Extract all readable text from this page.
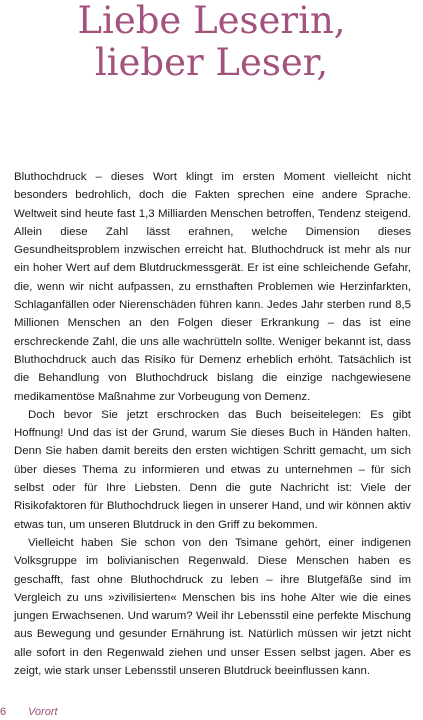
Liebe Leserin,
lieber Leser,

Bluthochdruck – dieses Wort klingt im ersten Moment vielleicht nicht besonders bedrohlich, doch die Fakten sprechen eine andere Sprache. Weltweit sind heute fast 1,3 Milliarden Menschen betroffen, Tendenz steigend. Allein diese Zahl lässt erahnen, welche Dimension dieses Gesundheitsproblem inzwischen erreicht hat. Bluthochdruck ist mehr als nur ein hoher Wert auf dem Blutdruckmessgerät. Er ist eine schleichende Gefahr, die, wenn wir nicht aufpassen, zu ernsthaften Problemen wie Herzinfarkten, Schlaganfällen oder Nierenschäden führen kann. Jedes Jahr sterben rund 8,5 Millionen Menschen an den Folgen dieser Erkrankung – das ist eine erschreckende Zahl, die uns alle wachrütteln sollte. Weniger bekannt ist, dass Bluthochdruck auch das Risiko für Demenz erheblich erhöht. Tatsächlich ist die Behandlung von Bluthochdruck bislang die einzige nachgewiesene medikamentöse Maßnahme zur Vorbeugung von Demenz.

Doch bevor Sie jetzt erschrocken das Buch beiseitelegen: Es gibt Hoffnung! Und das ist der Grund, warum Sie dieses Buch in Händen halten. Denn Sie haben damit bereits den ersten wichtigen Schritt gemacht, um sich über dieses Thema zu informieren und etwas zu unternehmen – für sich selbst oder für Ihre Liebsten. Denn die gute Nachricht ist: Viele der Risikofaktoren für Bluthochdruck liegen in unserer Hand, und wir können aktiv etwas tun, um unseren Blutdruck in den Griff zu bekommen.

Vielleicht haben Sie schon von den Tsimane gehört, einer indigenen Volksgruppe im bolivianischen Regenwald. Diese Menschen haben es geschafft, fast ohne Bluthochdruck zu leben – ihre Blutgefäße sind im Vergleich zu uns »zivilisierten« Menschen bis ins hohe Alter wie die eines jungen Erwachsenen. Und warum? Weil ihr Lebensstil eine perfekte Mischung aus Bewegung und gesunder Ernährung ist. Natürlich müssen wir jetzt nicht alle sofort in den Regenwald ziehen und unser Essen selbst jagen. Aber es zeigt, wie stark unser Lebensstil unseren Blutdruck beeinflussen kann.

6 Vorort
